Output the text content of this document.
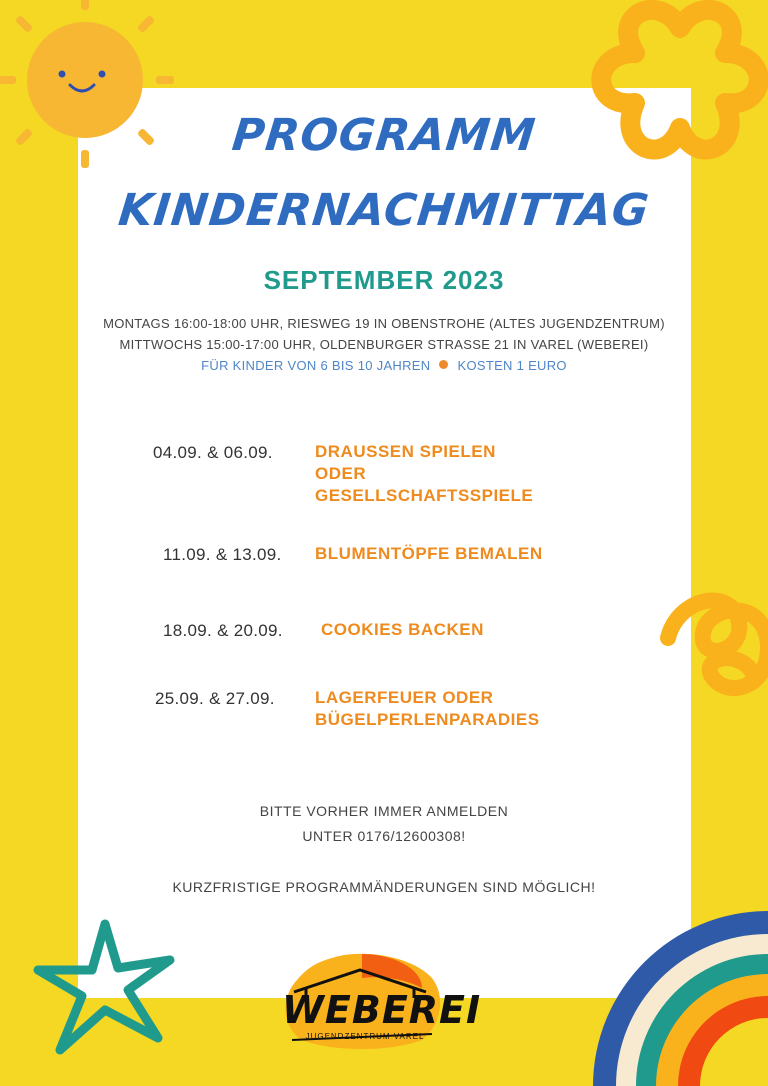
PROGRAMM
KINDERNACHMITTAG
SEPTEMBER 2023
MONTAGS 16:00-18:00 UHR, RIESWEG 19 IN OBENSTROHE (ALTES JUGENDZENTRUM)
MITTWOCHS 15:00-17:00 UHR, OLDENBURGER STRASSE 21 IN VAREL (WEBEREI)
FÜR KINDER VON 6 BIS 10 JAHREN KOSTEN 1 EURO
04.09. & 06.09. DRAUSSEN SPIELEN
ODER
GESELLSCHAFTSSPIELE
11.09. & 13.09. BLUMENTÖPFE BEMALEN
18.09. & 20.09. COOKIES BACKEN
25.09. & 27.09. LAGERFEUER ODER
BÜGELPERLENPARADIES
BITTE VORHER IMMER ANMELDEN
UNTER 0176/12600308!
KURZFRISTIGE PROGRAMMÄNDERUNGEN SIND MÖGLICH!
WEBEREI
JUGENDZENTRUM VAREL
